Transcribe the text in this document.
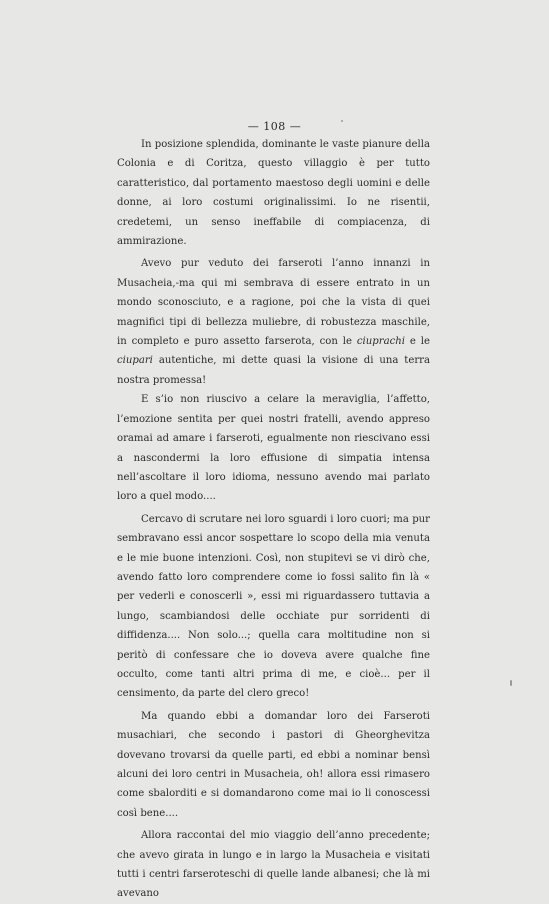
— 108 —

In posizione splendida, dominante le vaste pianure della Colonia e di Coritza, questo villaggio è per tutto caratteristico, dal portamento maestoso degli uomini e delle donne, ai loro costumi originalissimi. Io ne risentii, credetemi, un senso ineffabile di compiacenza, di ammirazione.

Avevo pur veduto dei farseroti l’anno innanzi in Musacheia,-ma qui mi sembrava di essere entrato in un mondo sconosciuto, e a ragione, poi che la vista di quei magnifici tipi di bellezza muliebre, di robustezza maschile, in completo e puro assetto farserota, con le ciuprachi e le ciupari autentiche, mi dette quasi la visione di una terra nostra promessa!

E s’io non riuscivo a celare la meraviglia, l’affetto, l’emozione sentita per quei nostri fratelli, avendo appreso oramai ad amare i farseroti, egualmente non riescivano essi a nascondermi la loro effusione di simpatia intensa nell’ascoltare il loro idioma, nessuno avendo mai parlato loro a quel modo....

Cercavo di scrutare nei loro sguardi i loro cuori; ma pur sembravano essi ancor sospettare lo scopo della mia venuta e le mie buone intenzioni. Così, non stupitevi se vi dirò che, avendo fatto loro comprendere come io fossi salito fin là « per vederli e conoscerli », essi mi riguardassero tuttavia a lungo, scambiandosi delle occhiate pur sorridenti di diffidenza.... Non solo...; quella cara moltitudine non si peritò di confessare che io doveva avere qualche fine occulto, come tanti altri prima di me, e cioè... per il censimento, da parte del clero greco!

Ma quando ebbi a domandar loro dei Farseroti musachiari, che secondo i pastori di Gheorghevitza dovevano trovarsi da quelle parti, ed ebbi a nominar bensì alcuni dei loro centri in Musacheia, oh! allora essi rimasero come sbalorditi e si domandarono come mai io li conoscessi così bene....

Allora raccontai del mio viaggio dell’anno precedente; che avevo girata in lungo e in largo la Musacheia e visitati tutti i centri farseroteschi di quelle lande albanesi; che là mi avevano
